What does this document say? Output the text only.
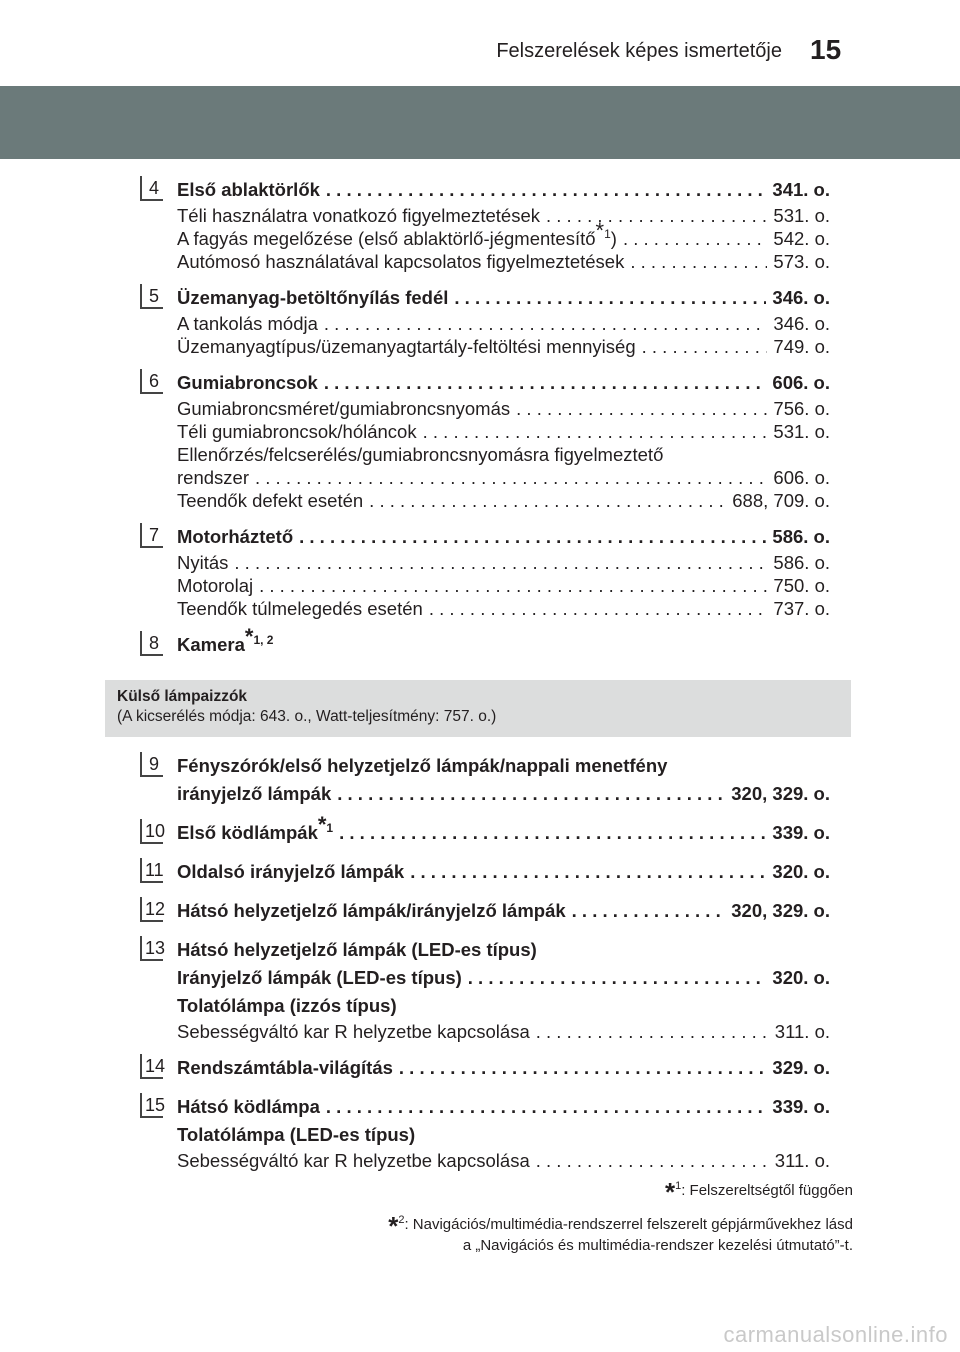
Felszerelések képes ismertetője 15
4 Első ablaktörlők . . .	341. o.
Téli használatra vonatkozó figyelmeztetések . . .	531. o.
A fagyás megelőzése (első ablaktörlő-jégmentesítő$^{*1}$) . . .	542. o.
Autómosó használatával kapcsolatos figyelmeztetések . . .	573. o.
5 Üzemanyag-betöltőnyílás fedél . . .	346. o.
A tankolás módja . . .	346. o.
Üzemanyagtípus/üzemanyagtartály-feltöltési mennyiség . . .	749. o.
6 Gumiabroncsok . . .	606. o.
Gumiabroncsméret/gumiabroncsnyomás . . .	756. o.
Téli gumiabroncsok/hóláncok . . .	531. o.
Ellenőrzés/felcserélés/gumiabroncsnyomásra figyelmeztető
rendszer . . .	606. o.
Teendők defekt esetén . . .	688, 709. o.
7 Motorháztető . . .	586. o.
Nyitás . . .	586. o.
Motorolaj . . .	750. o.
Teendők túlmelegedés esetén . . .	737. o.
8 Kamera$^{*1, 2}$
Külső lámpaizzók
(A kicserélés módja: 643. o., Watt-teljesítmény: 757. o.)
9 Fényszórók/első helyzetjelző lámpák/nappali menetfény
irányjelző lámpák . . .	320, 329. o.
10 Első ködlámpák$^{*1}$ . . .	339. o.
11 Oldalsó irányjelző lámpák . . .	320. o.
12 Hátsó helyzetjelző lámpák/irányjelző lámpák . . .	320, 329. o.
13 Hátsó helyzetjelző lámpák (LED-es típus)
Irányjelző lámpák (LED-es típus) . . .	320. o.
Tolatólámpa (izzós típus)
Sebességváltó kar R helyzetbe kapcsolása . . .	311. o.
14 Rendszámtábla-világítás . . .	329. o.
15 Hátsó ködlámpa . . .	339. o.
Tolatólámpa (LED-es típus)
Sebességváltó kar R helyzetbe kapcsolása . . .	311. o.
*$^1$: Felszereltségtől függően
*$^2$: Navigációs/multimédia-rendszerrel felszerelt gépjárművekhez lásd
a „Navigációs és multimédia-rendszer kezelési útmutató”-t.
carmanualsonline.info
